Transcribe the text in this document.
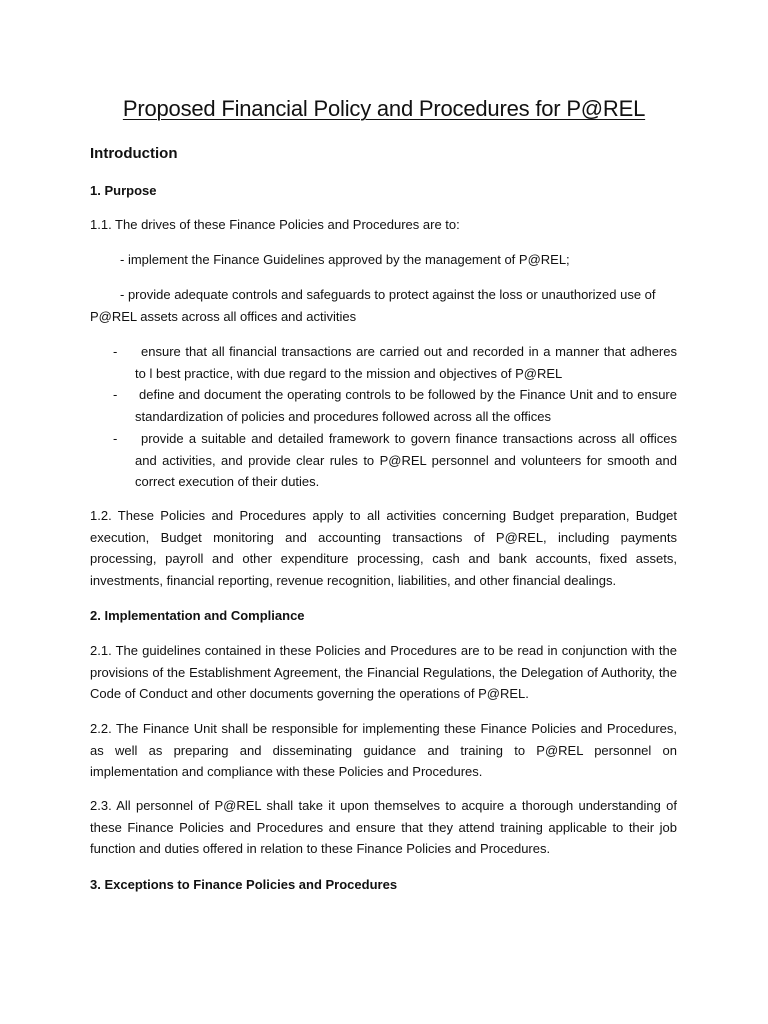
Proposed Financial Policy and Procedures for P@REL
Introduction
1. Purpose
1.1. The drives of these Finance Policies and Procedures are to:
- implement the Finance Guidelines approved by the management of P@REL;
- provide adequate controls and safeguards to protect against the loss or unauthorized use of P@REL assets across all offices and activities
-	ensure that all financial transactions are carried out and recorded in a manner that adheres to l best practice, with due regard to the mission and objectives of P@REL
-	define and document the operating controls to be followed by the Finance Unit and to ensure standardization of policies and procedures followed across all the offices
-	provide a suitable and detailed framework to govern finance transactions across all offices and activities, and provide clear rules to P@REL personnel and volunteers for smooth and correct execution of their duties.
1.2. These Policies and Procedures apply to all activities concerning Budget preparation, Budget execution, Budget monitoring and accounting transactions of P@REL, including payments processing, payroll and other expenditure processing, cash and bank accounts, fixed assets, investments, financial reporting, revenue recognition, liabilities, and other financial dealings.
2. Implementation and Compliance
2.1. The guidelines contained in these Policies and Procedures are to be read in conjunction with the provisions of the Establishment Agreement, the Financial Regulations, the Delegation of Authority, the Code of Conduct and other documents governing the operations of P@REL.
2.2. The Finance Unit shall be responsible for implementing these Finance Policies and Procedures, as well as preparing and disseminating guidance and training to P@REL personnel on implementation and compliance with these Policies and Procedures.
2.3. All personnel of P@REL shall take it upon themselves to acquire a thorough understanding of these Finance Policies and Procedures and ensure that they attend training applicable to their job function and duties offered in relation to these Finance Policies and Procedures.
3. Exceptions to Finance Policies and Procedures
